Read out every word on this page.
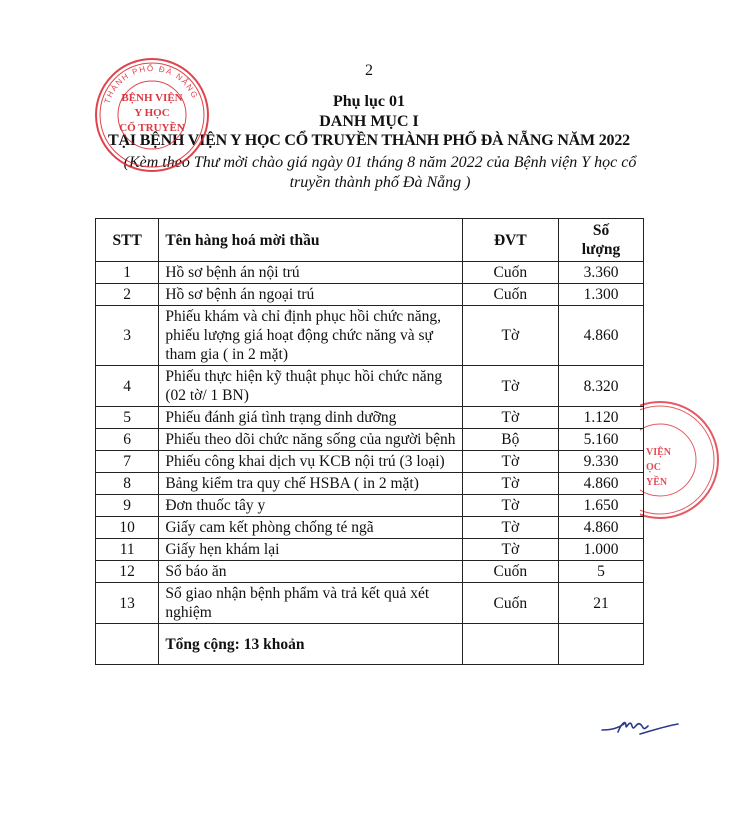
2
Phụ lục 01
DANH MỤC I
TẠI BỆNH VIỆN Y HỌC CỔ TRUYỀN THÀNH PHỐ ĐÀ NẴNG NĂM 2022
(Kèm theo Thư mời chào giá ngày 01 tháng 8 năm 2022 của Bệnh viện Y học cổ
truyền thành phố Đà Nẵng )
BỆNH VIỆN
Y HỌC
CỔ TRUYỀN
THÀNH PHỐ ĐÀ NẴNG
VIỆN
ỌC
YỀN
STT	Tên hàng hoá mời thầu	ĐVT	Số
lượng

1	Hồ sơ bệnh án nội trú	Cuốn	3.360
2	Hồ sơ bệnh án ngoại trú	Cuốn	1.300
3	Phiếu khám và chỉ định phục hồi chức năng, phiếu lượng giá hoạt động chức năng và sự tham gia ( in 2 mặt)	Tờ	4.860
4	Phiếu thực hiện kỹ thuật phục hồi chức năng (02 tờ/ 1 BN)	Tờ	8.320
5	Phiếu đánh giá tình trạng dinh dưỡng	Tờ	1.120
6	Phiếu theo dõi chức năng sống của người bệnh	Bộ	5.160
7	Phiếu công khai dịch vụ KCB nội trú (3 loại)	Tờ	9.330
8	Bảng kiểm tra quy chế HSBA ( in 2 mặt)	Tờ	4.860
9	Đơn thuốc tây y	Tờ	1.650
10	Giấy cam kết phòng chống té ngã	Tờ	4.860
11	Giấy hẹn khám lại	Tờ	1.000
12	Sổ báo ăn	Cuốn	5
13	Sổ giao nhận bệnh phẩm và trả kết quả xét nghiệm	Cuốn	21
	Tổng cộng: 13 khoản		
